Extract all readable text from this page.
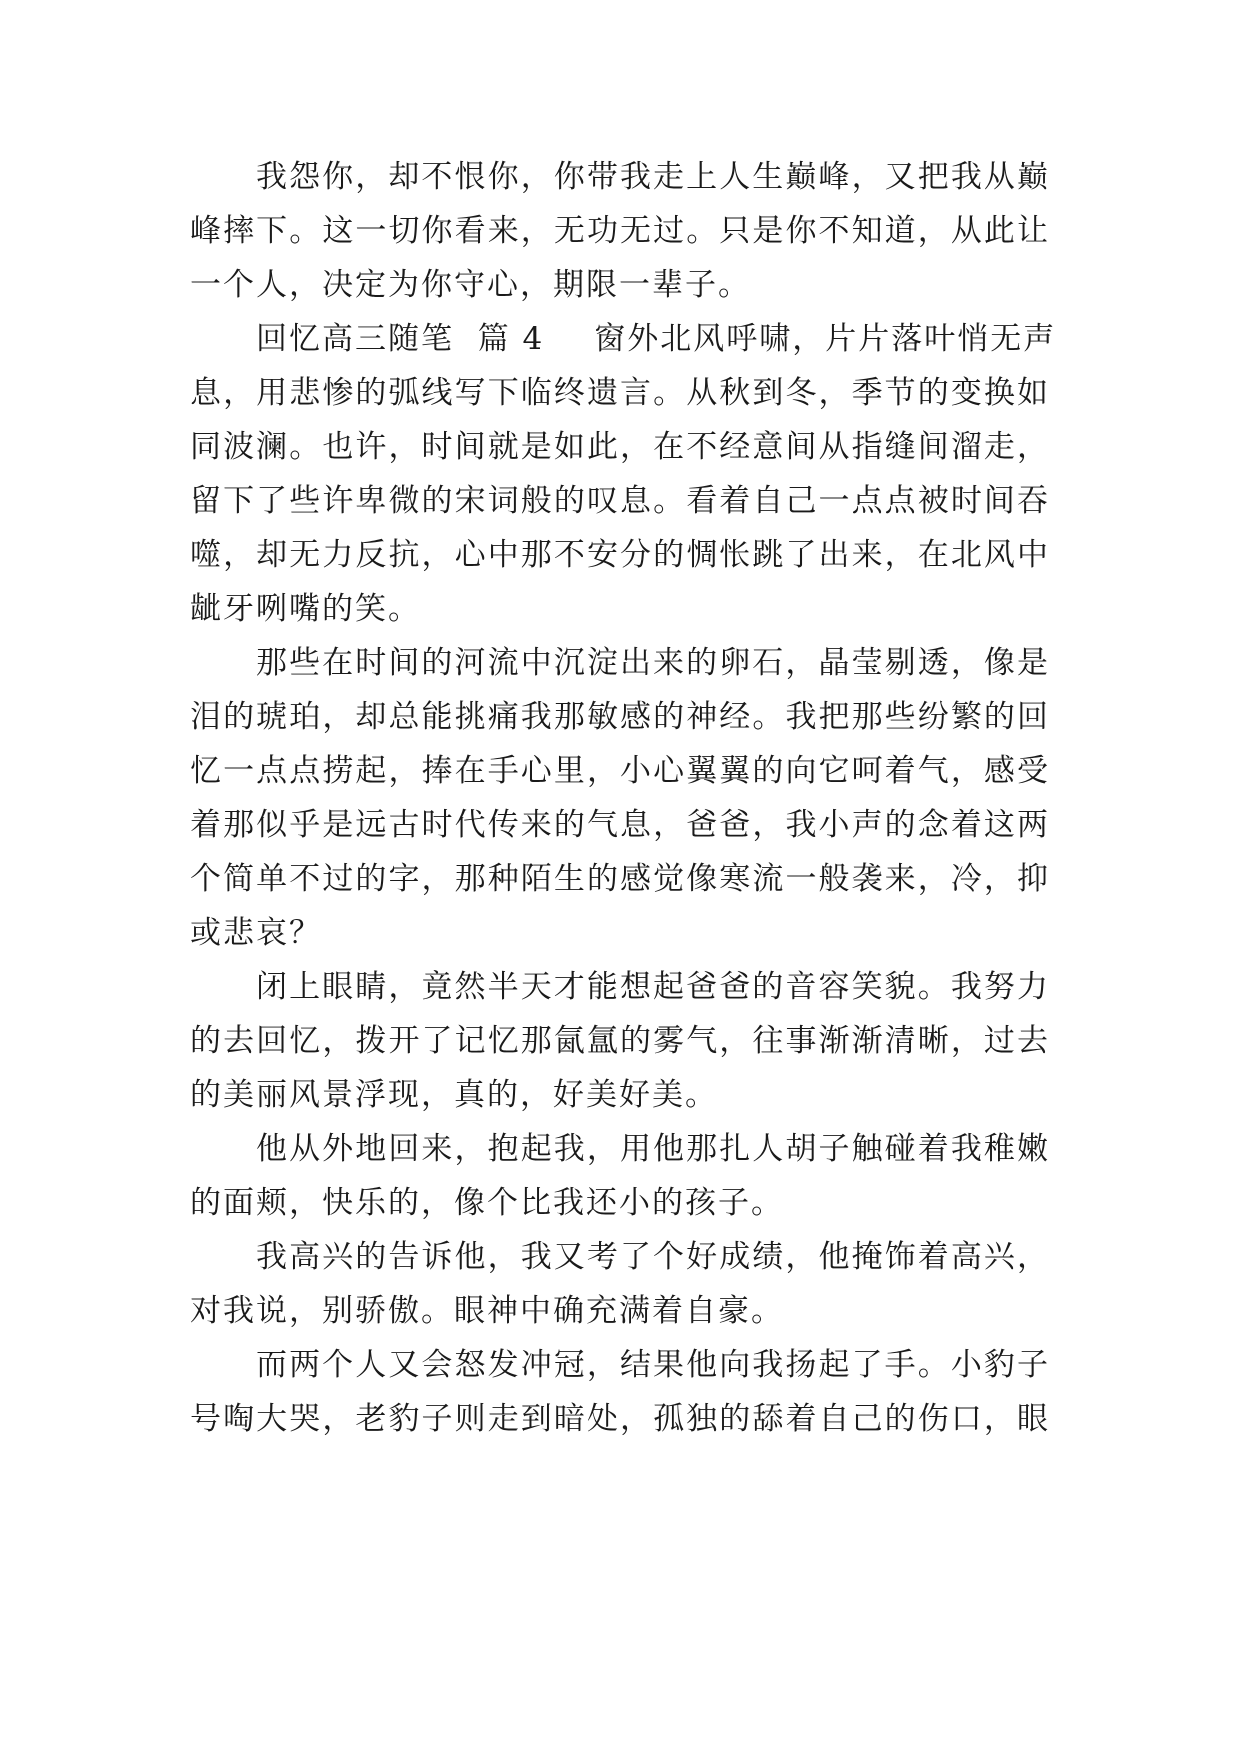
我怨你，却不恨你，你带我走上人生巅峰，又把我从巅
峰摔下。这一切你看来，无功无过。只是你不知道，从此让
一个人，决定为你守心，期限一辈子。
回忆高三随笔  篇 4 窗外北风呼啸，片片落叶悄无声
息，用悲惨的弧线写下临终遗言。从秋到冬，季节的变换如
同波澜。也许，时间就是如此，在不经意间从指缝间溜走，
留下了些许卑微的宋词般的叹息。看着自己一点点被时间吞
噬，却无力反抗，心中那不安分的惆怅跳了出来，在北风中
龇牙咧嘴的笑。
那些在时间的河流中沉淀出来的卵石，晶莹剔透，像是
泪的琥珀，却总能挑痛我那敏感的神经。我把那些纷繁的回
忆一点点捞起，捧在手心里，小心翼翼的向它呵着气，感受
着那似乎是远古时代传来的气息，爸爸，我小声的念着这两
个简单不过的字，那种陌生的感觉像寒流一般袭来，冷，抑
或悲哀？
闭上眼睛，竟然半天才能想起爸爸的音容笑貌。我努力
的去回忆，拨开了记忆那氤氲的雾气，往事渐渐清晰，过去
的美丽风景浮现，真的，好美好美。
他从外地回来，抱起我，用他那扎人胡子触碰着我稚嫩
的面颊，快乐的，像个比我还小的孩子。
我高兴的告诉他，我又考了个好成绩，他掩饰着高兴，
对我说，别骄傲。眼神中确充满着自豪。
而两个人又会怒发冲冠，结果他向我扬起了手。小豹子
号啕大哭，老豹子则走到暗处，孤独的舔着自己的伤口，眼
